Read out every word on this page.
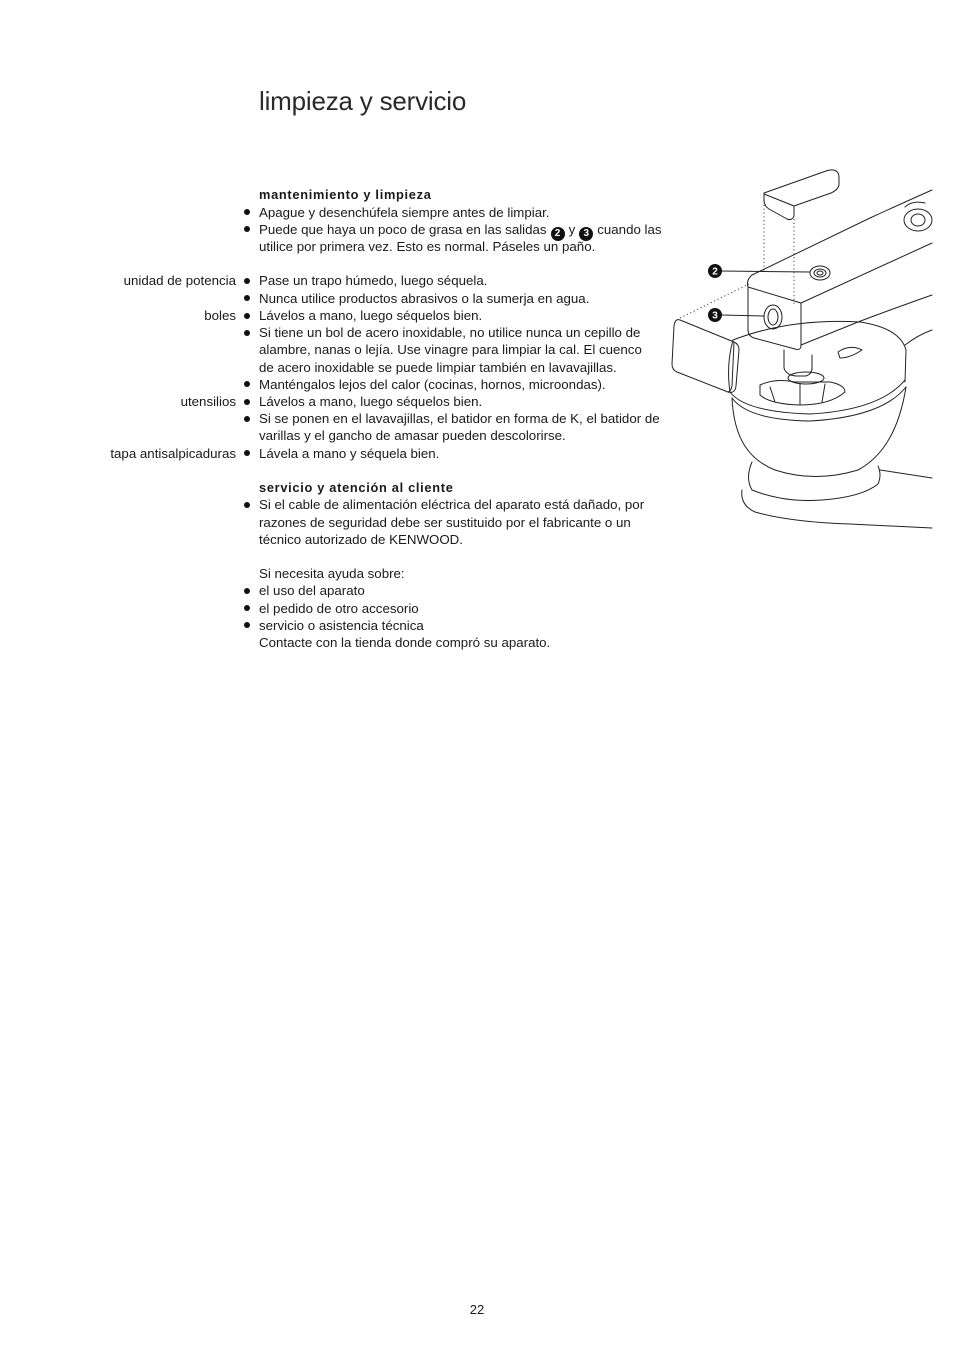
limpieza y servicio
mantenimiento y limpieza
Apague y desenchúfela siempre antes de limpiar.
Puede que haya un poco de grasa en las salidas 2 y 3 cuando las
utilice por primera vez. Esto es normal. Páseles un paño.
unidad de potencia Pase un trapo húmedo, luego séquela.
Nunca utilice productos abrasivos o la sumerja en agua.
boles Lávelos a mano, luego séquelos bien.
Si tiene un bol de acero inoxidable, no utilice nunca un cepillo de
alambre, nanas o lejía. Use vinagre para limpiar la cal. El cuenco
de acero inoxidable se puede limpiar también en lavavajillas.
Manténgalos lejos del calor (cocinas, hornos, microondas).
utensilios Lávelos a mano, luego séquelos bien.
Si se ponen en el lavavajillas, el batidor en forma de K, el batidor de
varillas y el gancho de amasar pueden descolorirse.
tapa antisalpicaduras Lávela a mano y séquela bien.
servicio y atención al cliente
Si el cable de alimentación eléctrica del aparato está dañado, por
razones de seguridad debe ser sustituido por el fabricante o un
técnico autorizado de KENWOOD.
Si necesita ayuda sobre:
el uso del aparato
el pedido de otro accesorio
servicio o asistencia técnica
Contacte con la tienda donde compró su aparato.
2
3
22
